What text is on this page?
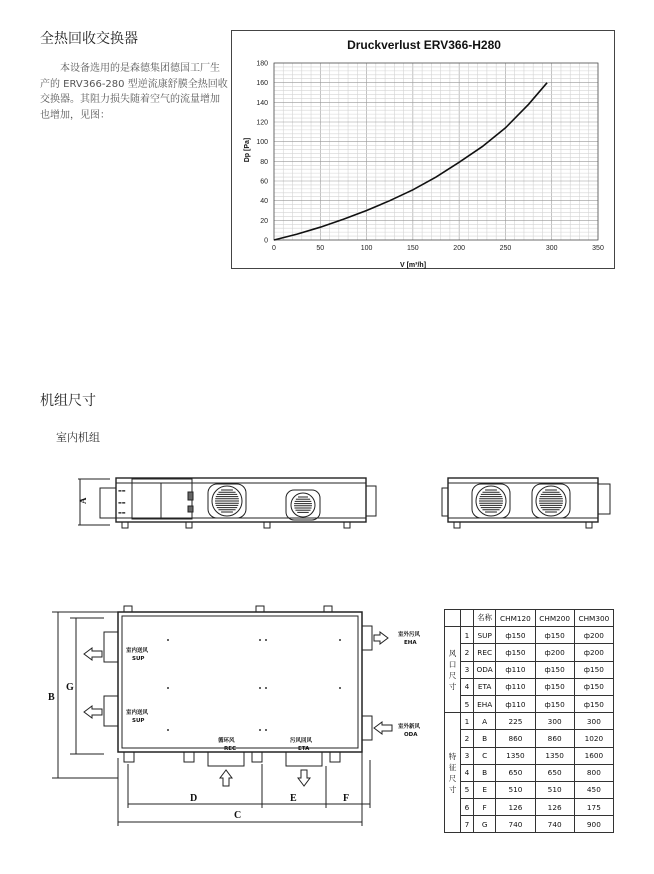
全热回收交换器

本设备选用的是森德集团德国工厂生产的 ERV366-280 型逆流康舒膜全热回收交换器。其阻力损失随着空气的流量增加也增加，见图：

Druckverlust ERV366-H280
0	50	100	150	200	250	300	350
0
20
40
60
80
100
120
140
160
180
V [m³/h]
Dp [Pa]
机组尺寸
室内机组
A
▬▬
▬▬
▬▬
B
G
C
D	E	F
室内送风
SUP
室内送风
SUP
循环风
REC
污风回风
ETA
室外污风
EHA
室外新风
ODA
		名称	CHM120	CHM200	CHM300
风口尺寸	1	SUP	ф150	ф150	ф200
	2	REC	ф150	ф200	ф200
	3	ODA	ф110	ф150	ф150
	4	ETA	ф110	ф150	ф150
	5	EHA	ф110	ф150	ф150
特征尺寸	1	A	225	300	300
	2	B	860	860	1020
	3	C	1350	1350	1600
	4	B	650	650	800
	5	E	510	510	450
	6	F	126	126	175
	7	G	740	740	900
